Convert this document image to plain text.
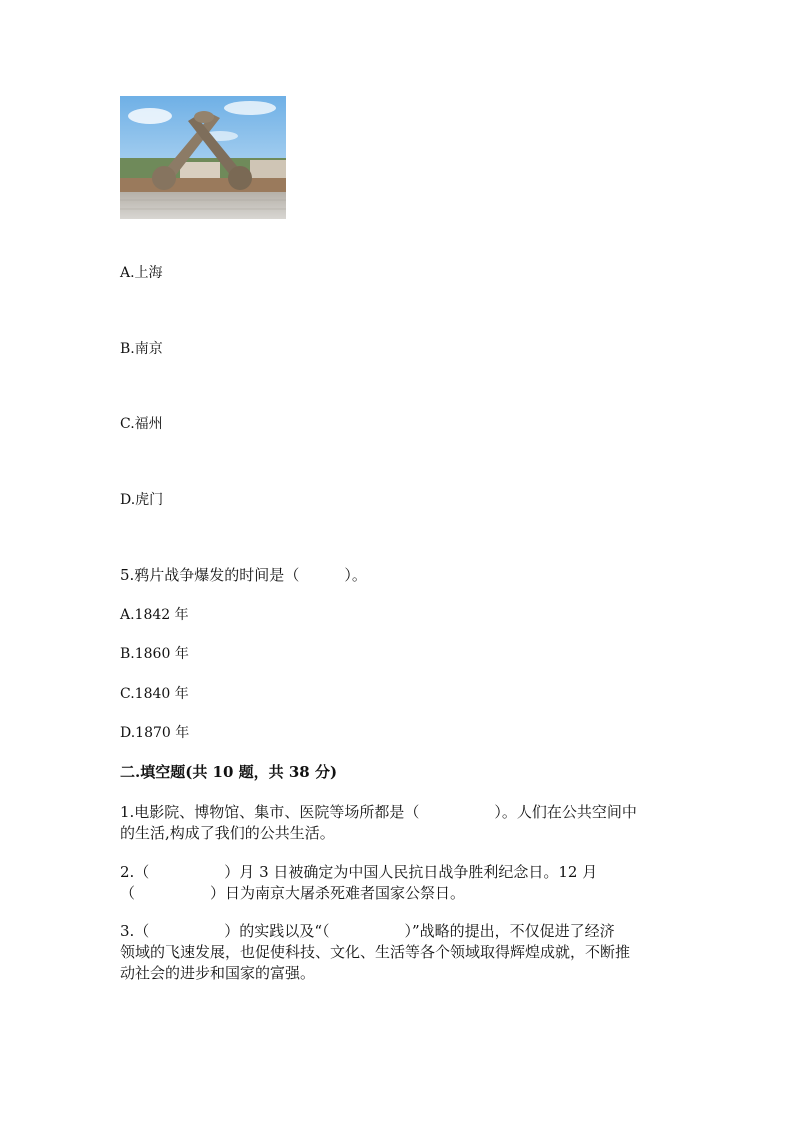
A.上海
B.南京
C.福州
D.虎门
5.鸦片战争爆发的时间是（　　　）。
A.1842 年
B.1860 年
C.1840 年
D.1870 年
二.填空题(共 10 题，共 38 分)
1.电影院、博物馆、集市、医院等场所都是（　　　　　）。人们在公共空间中
的生活,构成了我们的公共生活。
2.（　　　　　）月 3 日被确定为中国人民抗日战争胜利纪念日。12 月
（　　　　　）日为南京大屠杀死难者国家公祭日。
3.（　　　　　）的实践以及“（　　　　　）”战略的提出，不仅促进了经济
领域的飞速发展，也促使科技、文化、生活等各个领域取得辉煌成就，不断推
动社会的进步和国家的富强。
